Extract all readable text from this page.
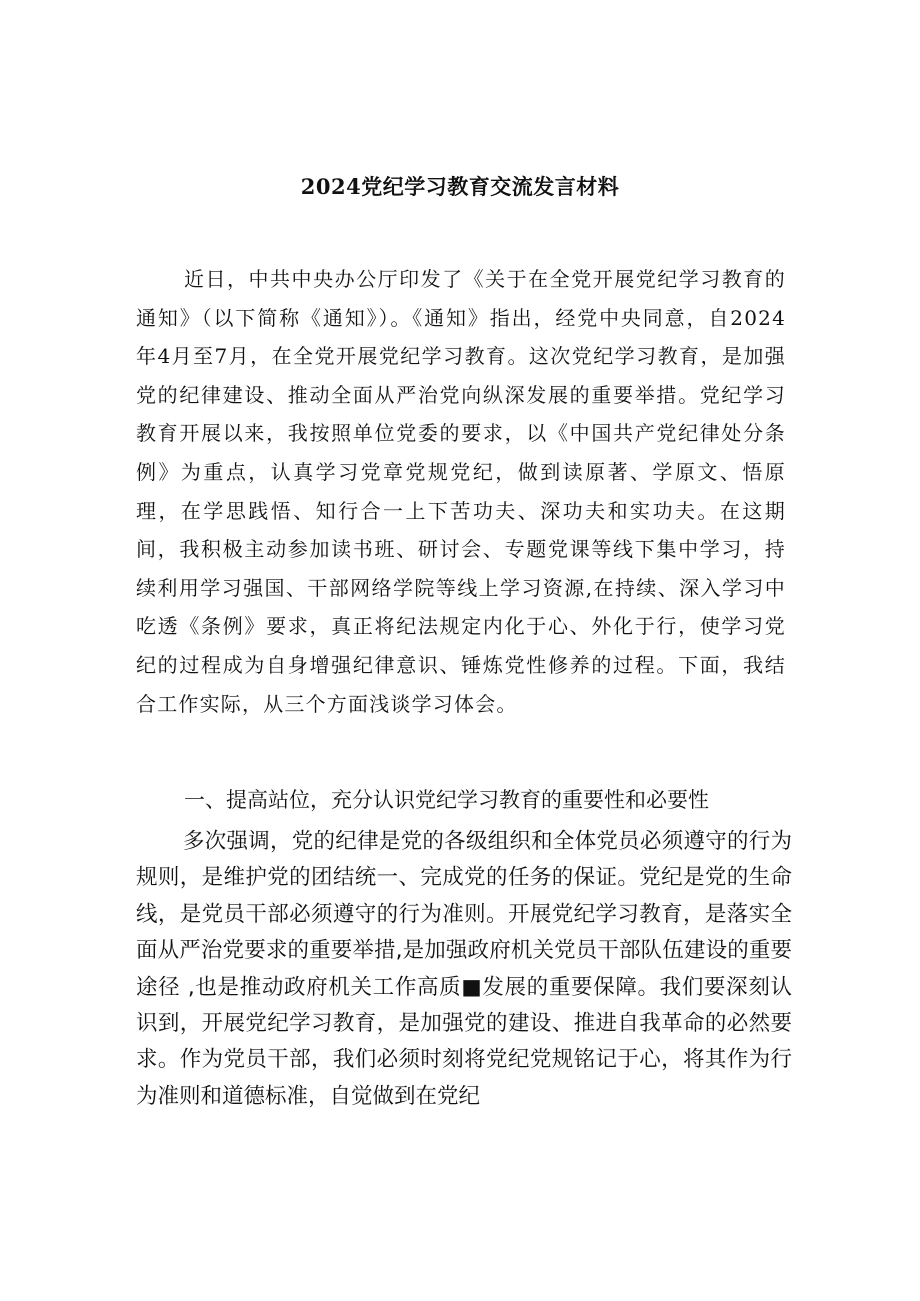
2024党纪学习教育交流发言材料

近日，中共中央办公厅印发了《关于在全党开展党纪学习教育的通知》（以下简称《通知》）。《通知》指出，经党中央同意，自2024年4月至7月，在全党开展党纪学习教育。这次党纪学习教育，是加强党的纪律建设、推动全面从严治党向纵深发展的重要举措。党纪学习教育开展以来，我按照单位党委的要求，以《中国共产党纪律处分条例》为重点，认真学习党章党规党纪，做到读原著、学原文、悟原理，在学思践悟、知行合一上下苦功夫、深功夫和实功夫。在这期间，我积极主动参加读书班、研讨会、专题党课等线下集中学习，持续利用学习强国、干部网络学院等线上学习资源,在持续、深入学习中吃透《条例》要求，真正将纪法规定内化于心、外化于行，使学习党纪的过程成为自身增强纪律意识、锤炼党性修养的过程。下面，我结合工作实际，从三个方面浅谈学习体会。

一、提高站位，充分认识党纪学习教育的重要性和必要性

多次强调，党的纪律是党的各级组织和全体党员必须遵守的行为规则，是维护党的团结统一、完成党的任务的保证。党纪是党的生命线，是党员干部必须遵守的行为准则。开展党纪学习教育，是落实全面从严治党要求的重要举措,是加强政府机关党员干部队伍建设的重要途径 ,也是推动政府机关工作高质■发展的重要保障。我们要深刻认识到，开展党纪学习教育，是加强党的建设、推进自我革命的必然要求。作为党员干部，我们必须时刻将党纪党规铭记于心，将其作为行为准则和道德标准，自觉做到在党纪
